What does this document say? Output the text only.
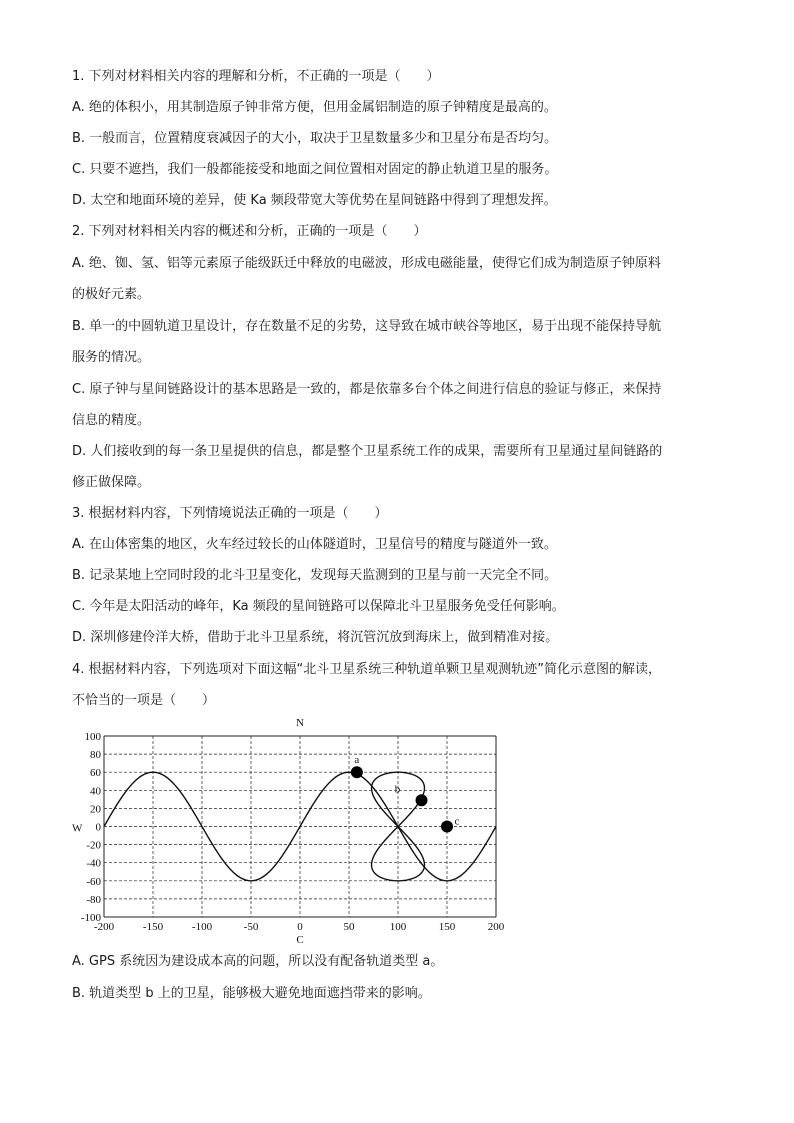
1. 下列对材料相关内容的理解和分析，不正确的一项是（　　）
A. 绝的体积小，用其制造原子钟非常方便，但用金属铝制造的原子钟精度是最高的。
B. 一般而言，位置精度衰减因子的大小，取决于卫星数量多少和卫星分布是否均匀。
C. 只要不遮挡，我们一般都能接受和地面之间位置相对固定的静止轨道卫星的服务。
D. 太空和地面环境的差异，使 Ka 频段带宽大等优势在星间链路中得到了理想发挥。
2. 下列对材料相关内容的概述和分析，正确的一项是（　　）
A. 绝、铷、氢、铝等元素原子能级跃迁中释放的电磁波，形成电磁能量，使得它们成为制造原子钟原料
的极好元素。
B. 单一的中圆轨道卫星设计，存在数量不足的劣势，这导致在城市峡谷等地区，易于出现不能保持导航
服务的情况。
C. 原子钟与星间链路设计的基本思路是一致的，都是依靠多台个体之间进行信息的验证与修正，来保持
信息的精度。
D. 人们接收到的每一条卫星提供的信息，都是整个卫星系统工作的成果，需要所有卫星通过星间链路的
修正做保障。
3. 根据材料内容，下列情境说法正确的一项是（　　）
A. 在山体密集的地区，火车经过较长的山体隧道时，卫星信号的精度与隧道外一致。
B. 记录某地上空同时段的北斗卫星变化，发现每天监测到的卫星与前一天完全不同。
C. 今年是太阳活动的峰年，Ka 频段的星间链路可以保障北斗卫星服务免受任何影响。
D. 深圳修建伶洋大桥，借助于北斗卫星系统，将沉管沉放到海床上，做到精准对接。
4. 根据材料内容，下列选项对下面这幅“北斗卫星系统三种轨道单颗卫星观测轨迹”简化示意图的解读，
不恰当的一项是（　　）
A. GPS 系统因为建设成本高的问题，所以没有配备轨道类型 a。
B. 轨道类型 b 上的卫星，能够极大避免地面遮挡带来的影响。
-200	-150	-100	-50	0	50	100	150	200
100
80
60
40
20
0
-20
-40
-60
-80
-100
N
C
W
a
b
c
